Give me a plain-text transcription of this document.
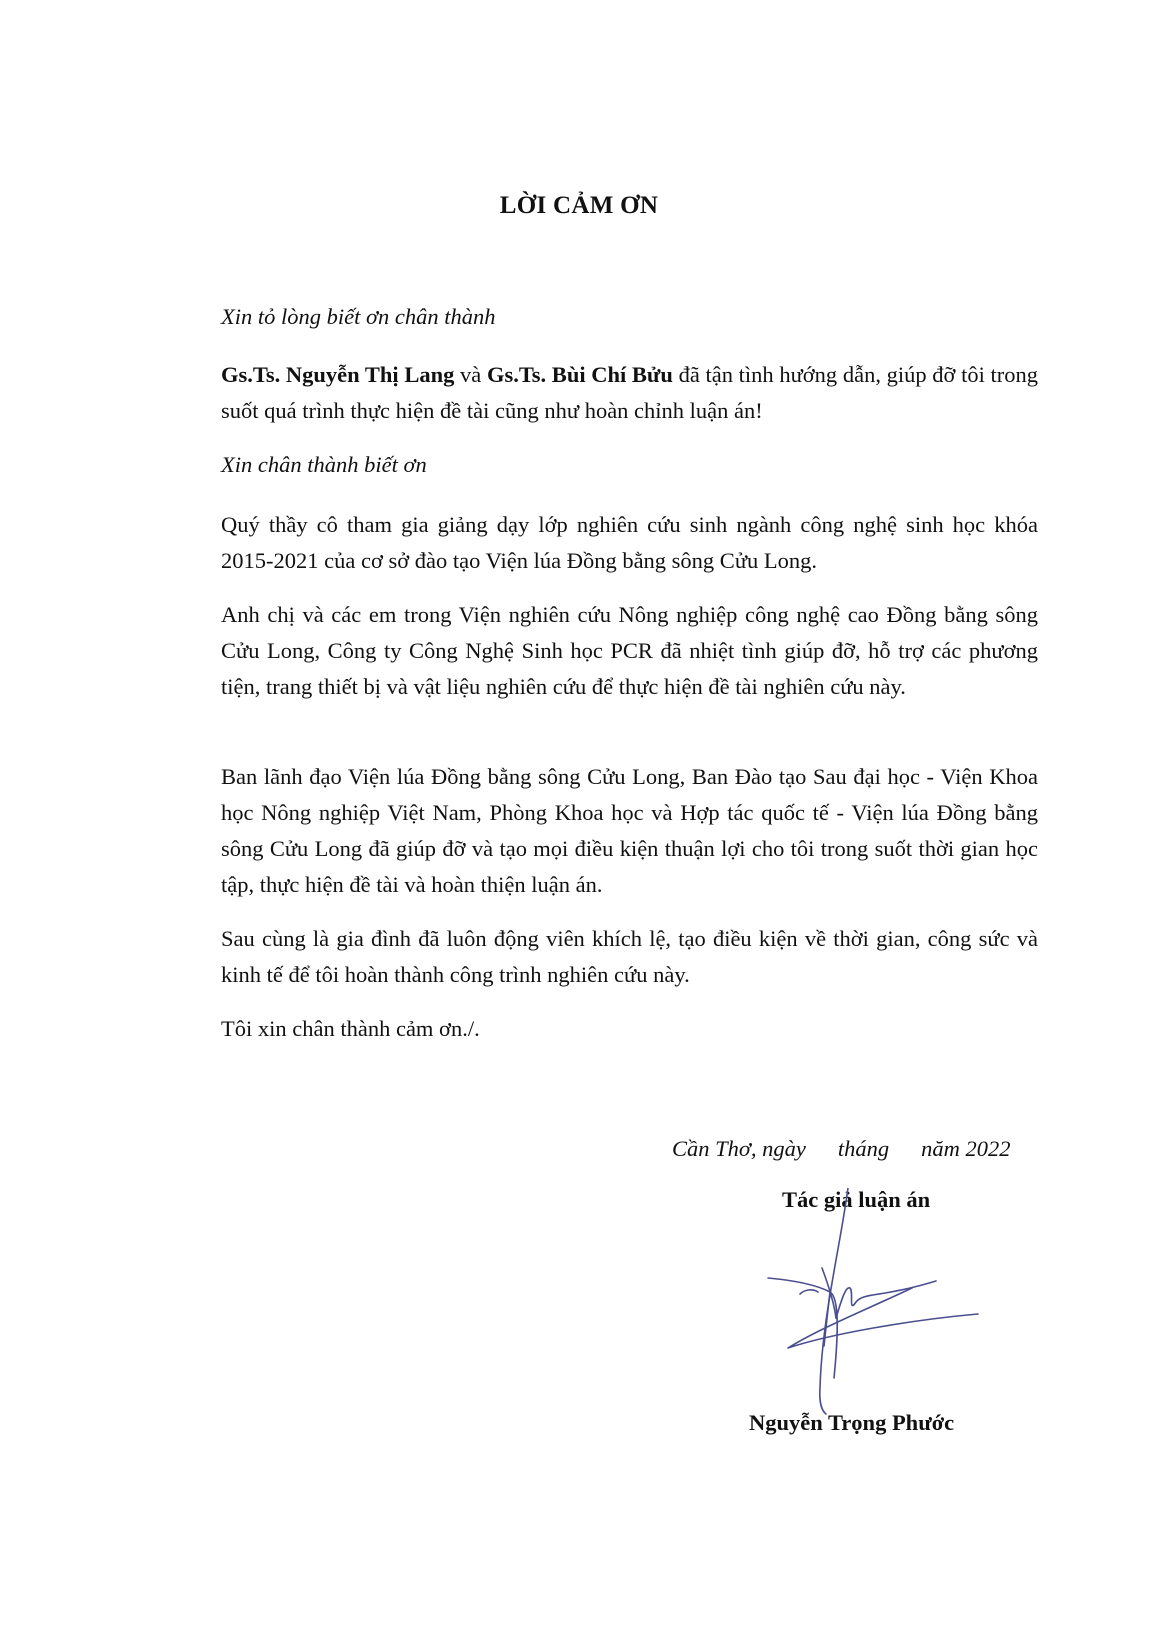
LỜI CẢM ƠN
Xin tỏ lòng biết ơn chân thành
Gs.Ts. Nguyễn Thị Lang và Gs.Ts. Bùi Chí Bửu đã tận tình hướng dẫn, giúp đỡ tôi trong suốt quá trình thực hiện đề tài cũng như hoàn chỉnh luận án!
Xin chân thành biết ơn
Quý thầy cô tham gia giảng dạy lớp nghiên cứu sinh ngành công nghệ sinh học khóa 2015-2021 của cơ sở đào tạo Viện lúa Đồng bằng sông Cửu Long.
Anh chị và các em trong Viện nghiên cứu Nông nghiệp công nghệ cao Đồng bằng sông Cửu Long, Công ty Công Nghệ Sinh học PCR đã nhiệt tình giúp đỡ, hỗ trợ các phương tiện, trang thiết bị và vật liệu nghiên cứu để thực hiện đề tài nghiên cứu này.
Ban lãnh đạo Viện lúa Đồng bằng sông Cửu Long, Ban Đào tạo Sau đại học - Viện Khoa học Nông nghiệp Việt Nam, Phòng Khoa học và Hợp tác quốc tế - Viện lúa Đồng bằng sông Cửu Long đã giúp đỡ và tạo mọi điều kiện thuận lợi cho tôi trong suốt thời gian học tập, thực hiện đề tài và hoàn thiện luận án.
Sau cùng là gia đình đã luôn động viên khích lệ, tạo điều kiện về thời gian, công sức và kinh tế để tôi hoàn thành công trình nghiên cứu này.
Tôi xin chân thành cảm ơn./.
Cần Thơ, ngày tháng năm 2022
Tác giả luận án
Nguyễn Trọng Phước
